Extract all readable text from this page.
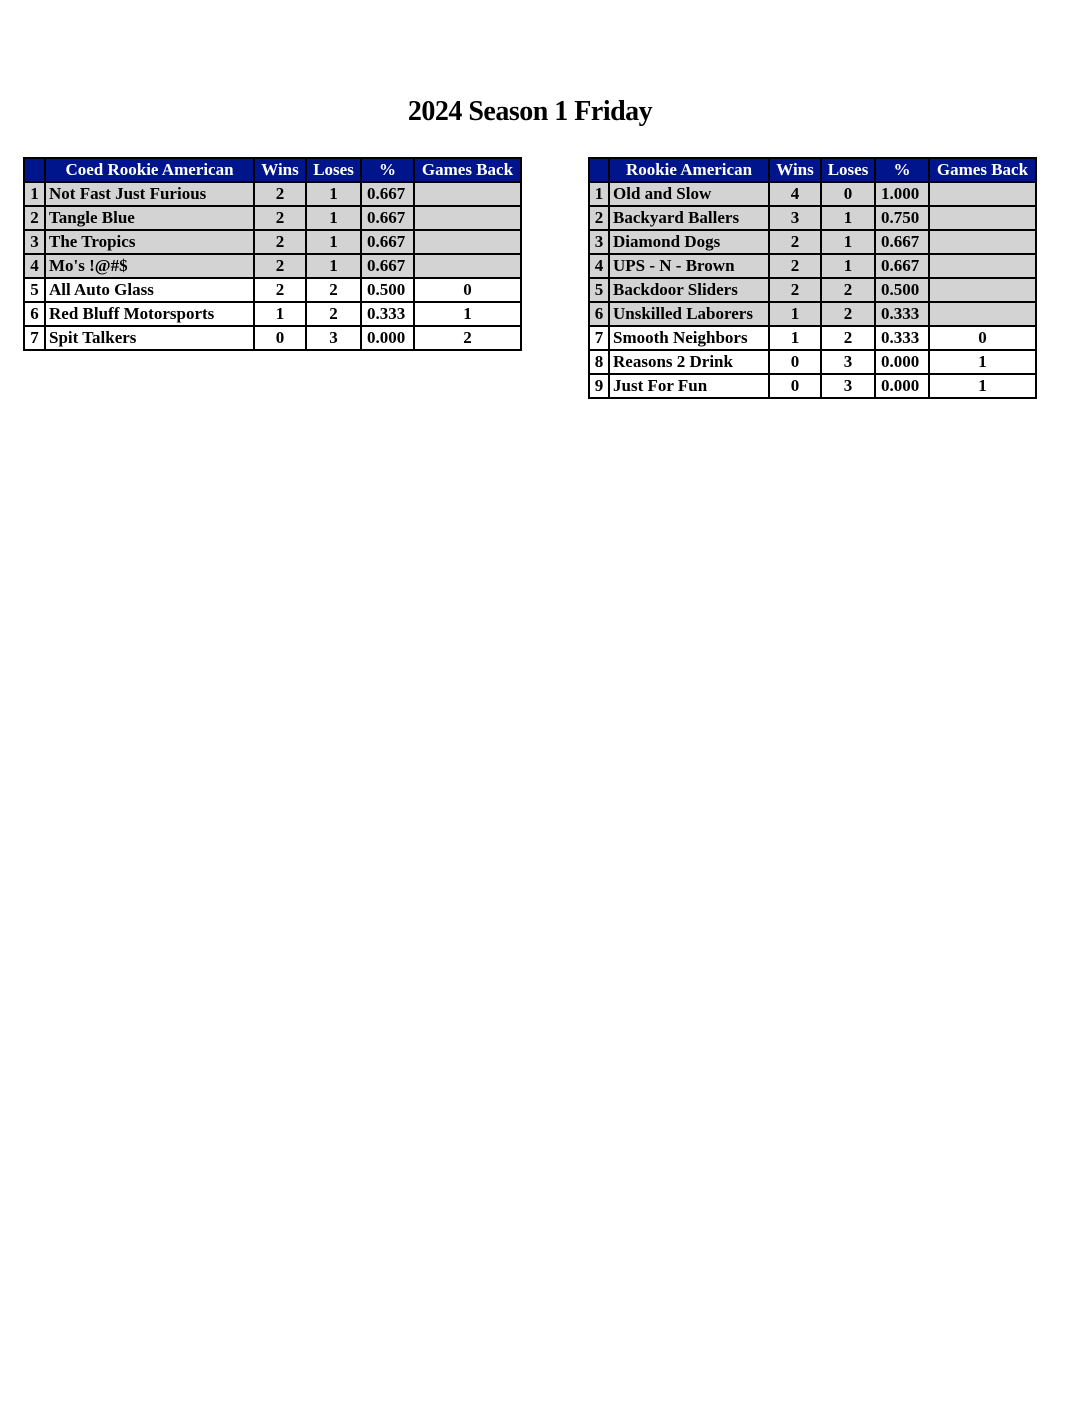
2024 Season 1 Friday
	Coed Rookie American	Wins	Loses	%	Games Back
1	Not Fast Just Furious	2	1	0.667	
2	Tangle Blue	2	1	0.667	
3	The Tropics	2	1	0.667	
4	Mo's !@#$	2	1	0.667	
5	All Auto Glass	2	2	0.500	0
6	Red Bluff Motorsports	1	2	0.333	1
7	Spit Talkers	0	3	0.000	2
	Rookie American	Wins	Loses	%	Games Back
1	Old and Slow	4	0	1.000	
2	Backyard Ballers	3	1	0.750	
3	Diamond Dogs	2	1	0.667	
4	UPS - N - Brown	2	1	0.667	
5	Backdoor Sliders	2	2	0.500	
6	Unskilled Laborers	1	2	0.333	
7	Smooth Neighbors	1	2	0.333	0
8	Reasons 2 Drink	0	3	0.000	1
9	Just For Fun	0	3	0.000	1
